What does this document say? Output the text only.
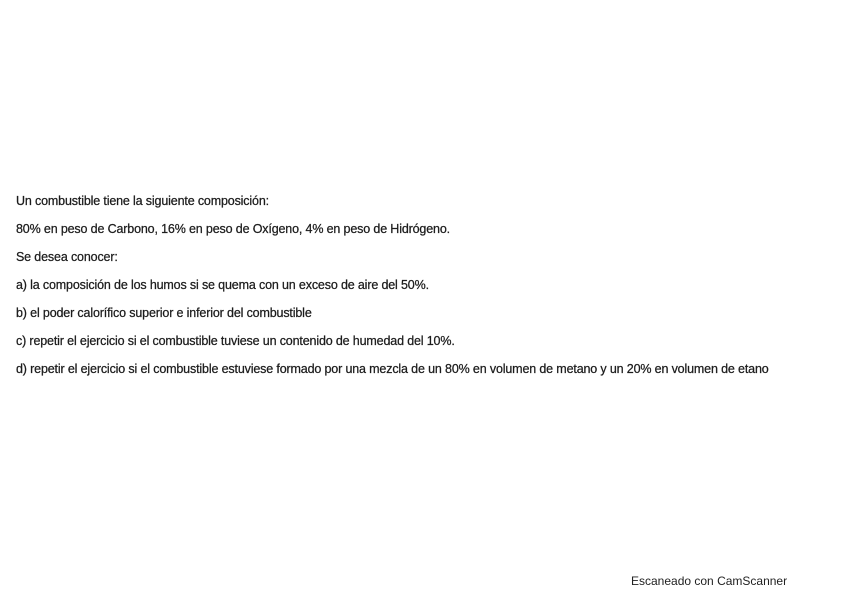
Un combustible tiene la siguiente composición:

80% en peso de Carbono, 16% en peso de Oxígeno, 4% en peso de Hidrógeno.

Se desea conocer:

a) la composición de los humos si se quema con un exceso de aire del 50%.

b) el poder calorífico superior e inferior del combustible

c) repetir el ejercicio si el combustible tuviese un contenido de humedad del 10%.

d) repetir el ejercicio si el combustible estuviese formado por una mezcla de un 80% en volumen de metano y un 20% en volumen de etano

Escaneado con CamScanner
